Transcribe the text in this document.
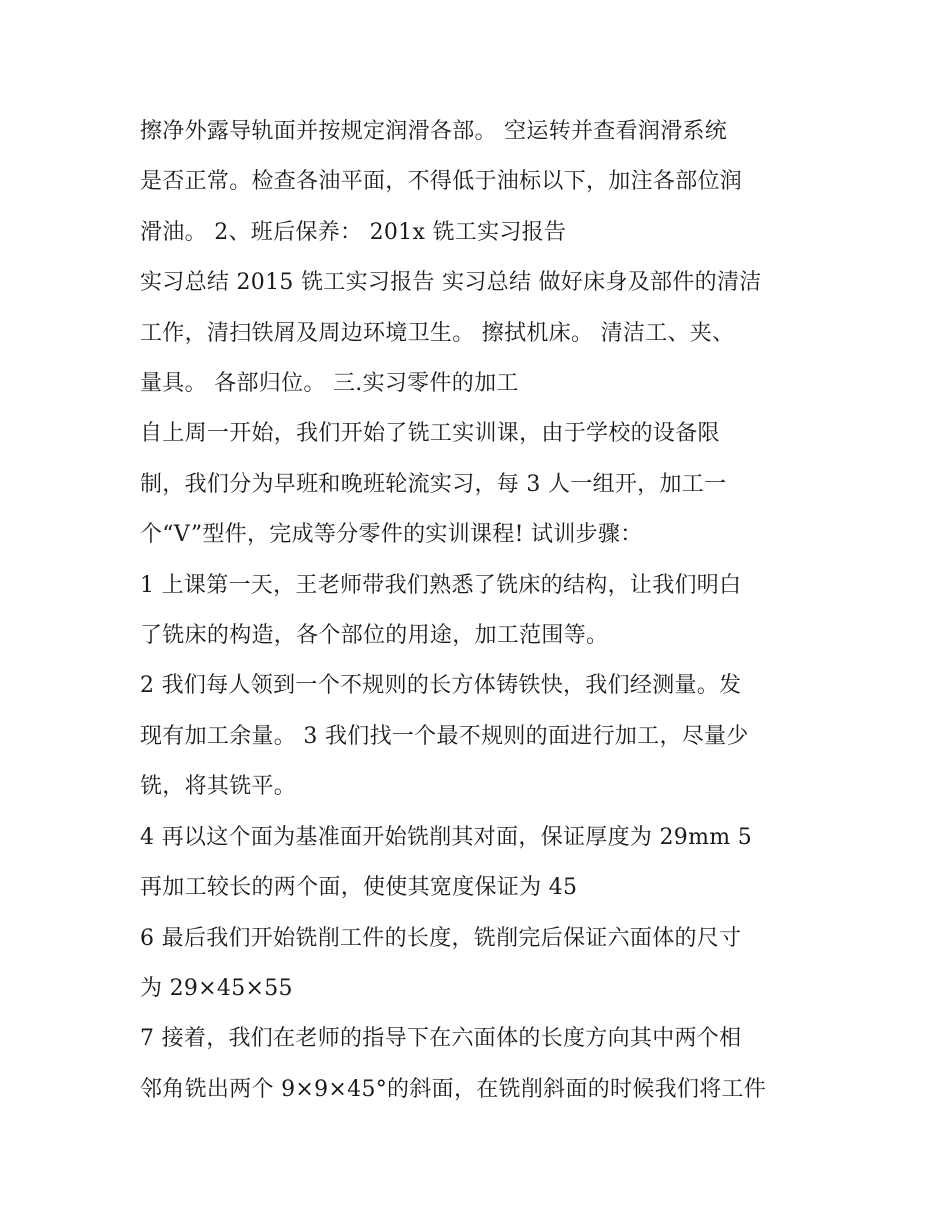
擦净外露导轨面并按规定润滑各部。 空运转并查看润滑系统
是否正常。检查各油平面，不得低于油标以下，加注各部位润
滑油。 2、班后保养： 201x 铣工实习报告

实习总结 2015 铣工实习报告 实习总结 做好床身及部件的清洁
工作，清扫铁屑及周边环境卫生。 擦拭机床。 清洁工、夹、
量具。 各部归位。 三.实习零件的加工

自上周一开始，我们开始了铣工实训课，由于学校的设备限
制，我们分为早班和晚班轮流实习，每 3 人一组开，加工一
个“V”型件，完成等分零件的实训课程! 试训步骤：

1 上课第一天，王老师带我们熟悉了铣床的结构，让我们明白
了铣床的构造，各个部位的用途，加工范围等。

2 我们每人领到一个不规则的长方体铸铁快，我们经测量。发
现有加工余量。 3 我们找一个最不规则的面进行加工，尽量少
铣，将其铣平。

4 再以这个面为基准面开始铣削其对面，保证厚度为 29mm 5
再加工较长的两个面，使使其宽度保证为 45

6 最后我们开始铣削工件的长度，铣削完后保证六面体的尺寸
为 29×45×55

7 接着，我们在老师的指导下在六面体的长度方向其中两个相
邻角铣出两个 9×9×45°的斜面，在铣削斜面的时候我们将工件
